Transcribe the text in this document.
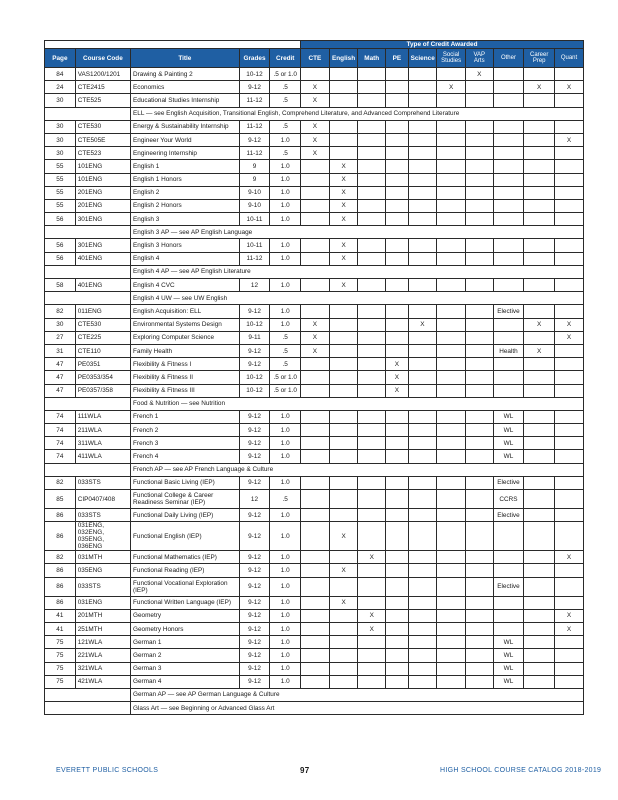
					Type of Credit Awarded									
Page	Course Code	Title	Grades	Credit	CTE	English	Math	PE	Science	Social Studies	VAP Arts	Other	Career Prep	Quant
84	VAS1200/1201	Drawing & Painting 2	10-12	.5 or 1.0							X			
24	CTE2415	Economics	9-12	.5	X					X			X	X
30	CTE525	Educational Studies Internship	11-12	.5	X									
		ELL — see English Acquisition, Transitional English, Comprehend Literature, and Advanced Comprehend Literature												
30	CTE530	Energy & Sustainability Internship	11-12	.5	X									
30	CTE505E	Engineer Your World	9-12	1.0	X									X
30	CTE523	Engineering Internship	11-12	.5	X									
55	101ENG	English 1	9	1.0		X								
55	101ENG	English 1 Honors	9	1.0		X								
55	201ENG	English 2	9-10	1.0		X								
55	201ENG	English 2 Honors	9-10	1.0		X								
56	301ENG	English 3	10-11	1.0		X								
		English 3 AP — see AP English Language												
56	301ENG	English 3 Honors	10-11	1.0		X								
56	401ENG	English 4	11-12	1.0		X								
		English 4 AP — see AP English Literature												
58	401ENG	English 4 CVC	12	1.0		X								
		English 4 UW — see UW English												
82	011ENG	English Acquisition: ELL	9-12	1.0								Elective		
30	CTE530	Environmental Systems Design	10-12	1.0	X				X				X	X
27	CTE225	Exploring Computer Science	9-11	.5	X									X
31	CTE110	Family Health	9-12	.5	X							Health	X	
47	PE0351	Flexibility & Fitness I	9-12	.5				X						
47	PE0353/354	Flexibility & Fitness II	10-12	.5 or 1.0				X						
47	PE0357/358	Flexibility & Fitness III	10-12	.5 or 1.0				X						
		Food & Nutrition — see Nutrition												
74	111WLA	French 1	9-12	1.0								WL		
74	211WLA	French 2	9-12	1.0								WL		
74	311WLA	French 3	9-12	1.0								WL		
74	411WLA	French 4	9-12	1.0								WL		
		French AP — see AP French Language & Culture												
82	033STS	Functional Basic Living (IEP)	9-12	1.0								Elective		
85	CIP0407/408	Functional College & Career Readiness Seminar (IEP)	12	.5								CCRS		
86	033STS	Functional Daily Living (IEP)	9-12	1.0								Elective		
86	031ENG, 032ENG, 035ENG, 036ENG	Functional English (IEP)	9-12	1.0		X								
82	031MTH	Functional Mathematics (IEP)	9-12	1.0			X							X
86	035ENG	Functional Reading (IEP)	9-12	1.0		X								
86	033STS	Functional Vocational Exploration (IEP)	9-12	1.0								Elective		
86	031ENG	Functional Written Language (IEP)	9-12	1.0		X								
41	201MTH	Geometry	9-12	1.0			X							X
41	251MTH	Geometry Honors	9-12	1.0			X							X
75	121WLA	German 1	9-12	1.0								WL		
75	221WLA	German 2	9-12	1.0								WL		
75	321WLA	German 3	9-12	1.0								WL		
75	421WLA	German 4	9-12	1.0								WL		
		German AP — see AP German Language & Culture												
		Glass Art — see Beginning or Advanced Glass Art												
EVERETT PUBLIC SCHOOLS	97	HIGH SCHOOL COURSE CATALOG 2018-2019
